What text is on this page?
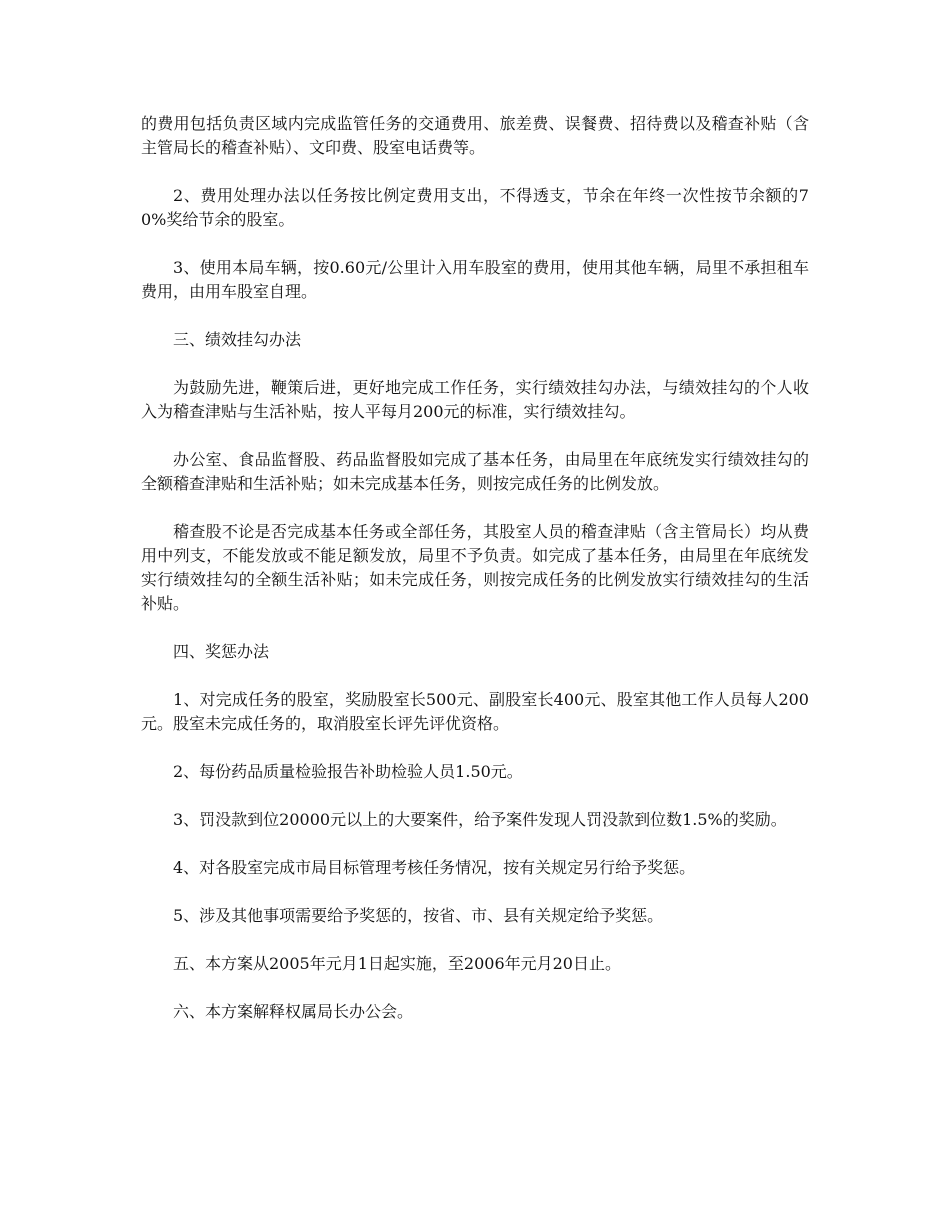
的费用包括负责区域内完成监管任务的交通费用、旅差费、误餐费、招待费以及稽查补贴（含主管局长的稽查补贴）、文印费、股室电话费等。

2、费用处理办法以任务按比例定费用支出，不得透支，节余在年终一次性按节余额的70%奖给节余的股室。

3、使用本局车辆，按0.60元/公里计入用车股室的费用，使用其他车辆，局里不承担租车费用，由用车股室自理。

三、绩效挂勾办法

为鼓励先进，鞭策后进，更好地完成工作任务，实行绩效挂勾办法，与绩效挂勾的个人收入为稽查津贴与生活补贴，按人平每月200元的标准，实行绩效挂勾。

办公室、食品监督股、药品监督股如完成了基本任务，由局里在年底统发实行绩效挂勾的全额稽查津贴和生活补贴；如未完成基本任务，则按完成任务的比例发放。

稽查股不论是否完成基本任务或全部任务，其股室人员的稽查津贴（含主管局长）均从费用中列支，不能发放或不能足额发放，局里不予负责。如完成了基本任务，由局里在年底统发实行绩效挂勾的全额生活补贴；如未完成任务，则按完成任务的比例发放实行绩效挂勾的生活补贴。

四、奖惩办法

1、对完成任务的股室，奖励股室长500元、副股室长400元、股室其他工作人员每人200元。股室未完成任务的，取消股室长评先评优资格。

2、每份药品质量检验报告补助检验人员1.50元。

3、罚没款到位20000元以上的大要案件，给予案件发现人罚没款到位数1.5%的奖励。

4、对各股室完成市局目标管理考核任务情况，按有关规定另行给予奖惩。

5、涉及其他事项需要给予奖惩的，按省、市、县有关规定给予奖惩。

五、本方案从2005年元月1日起实施，至2006年元月20日止。

六、本方案解释权属局长办公会。
